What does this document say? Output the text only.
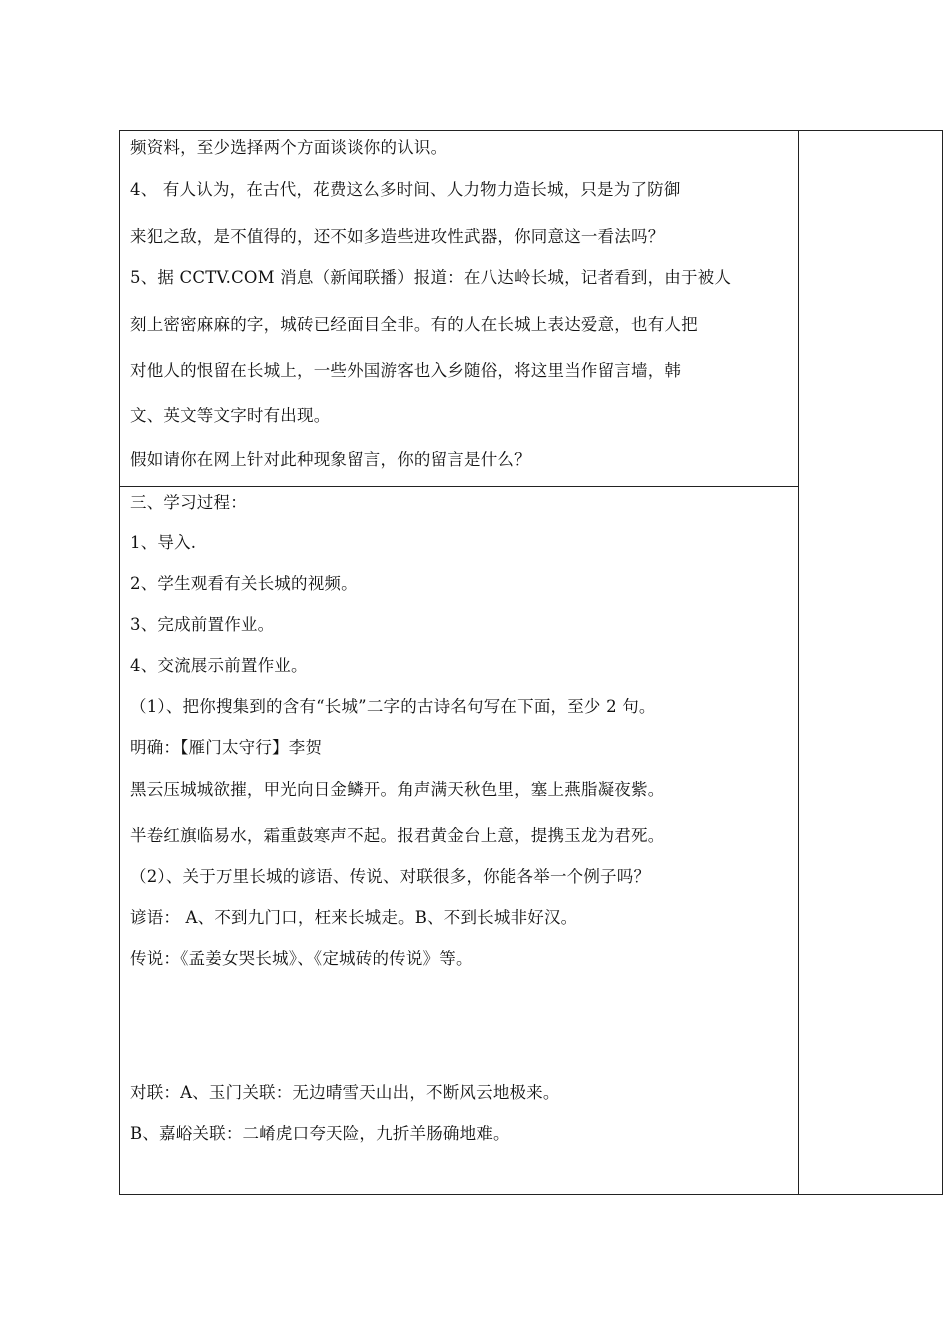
频资料，至少选择两个方面谈谈你的认识。
4、 有人认为，在古代，花费这么多时间、人力物力造长城，只是为了防御
来犯之敌，是不值得的，还不如多造些进攻性武器，你同意这一看法吗？
5、据 CCTV.COM 消息（新闻联播）报道：在八达岭长城，记者看到，由于被人
刻上密密麻麻的字，城砖已经面目全非。有的人在长城上表达爱意，也有人把
对他人的恨留在长城上，一些外国游客也入乡随俗，将这里当作留言墙，韩
文、英文等文字时有出现。
假如请你在网上针对此种现象留言，你的留言是什么？

三、学习过程：
1、导入.
2、学生观看有关长城的视频。
3、完成前置作业。
4、交流展示前置作业。
（1）、把你搜集到的含有“长城”二字的古诗名句写在下面，至少 2 句。
明确：【雁门太守行】李贺
黑云压城城欲摧，甲光向日金鳞开。角声满天秋色里，塞上燕脂凝夜紫。
半卷红旗临易水，霜重鼓寒声不起。报君黄金台上意，提携玉龙为君死。
（2）、关于万里长城的谚语、传说、对联很多，你能各举一个例子吗？
谚语： A、不到九门口，枉来长城走。B、不到长城非好汉。
传说：《孟姜女哭长城》、《定城砖的传说》等。
对联：A、玉门关联：无边晴雪天山出，不断风云地极来。
B、嘉峪关联：二崤虎口夸天险，九折羊肠确地难。
